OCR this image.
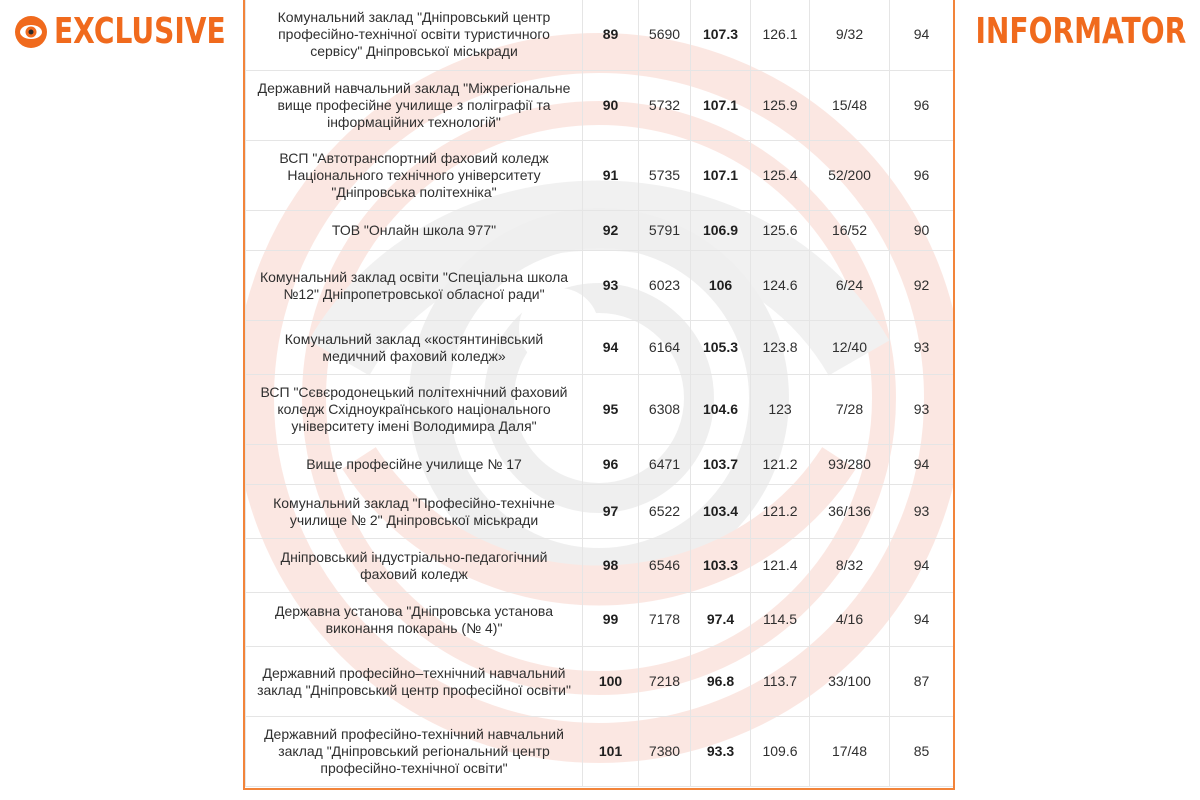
EXCLUSIVE	INFORMATOR
Комунальний заклад "Дніпровський центр професійно-технічної освіти туристичного сервісу" Дніпровської міськради	89	5690	107.3	126.1	9/32	94
Державний навчальний заклад "Міжрегіональне вище професійне училище з поліграфії та інформаційних технологій"	90	5732	107.1	125.9	15/48	96
ВСП "Автотранспортний фаховий коледж Національного технічного університету "Дніпровська політехніка"	91	5735	107.1	125.4	52/200	96
ТОВ "Онлайн школа 977"	92	5791	106.9	125.6	16/52	90
Комунальний заклад освіти "Спеціальна школа №12" Дніпропетровської обласної ради"	93	6023	106	124.6	6/24	92
Комунальний заклад «костянтинівський медичний фаховий коледж»	94	6164	105.3	123.8	12/40	93
ВСП "Сєвєродонецький політехнічний фаховий коледж Східноукраїнського національного університету імені Володимира Даля"	95	6308	104.6	123	7/28	93
Вище професійне училище № 17	96	6471	103.7	121.2	93/280	94
Комунальний заклад "Професійно-технічне училище № 2" Дніпровської міськради	97	6522	103.4	121.2	36/136	93
Дніпровський індустріально-педагогічний фаховий коледж	98	6546	103.3	121.4	8/32	94
Державна установа "Дніпровська установа виконання покарань (№ 4)"	99	7178	97.4	114.5	4/16	94
Державний професійно–технічний навчальний заклад "Дніпровський центр професійної освіти"	100	7218	96.8	113.7	33/100	87
Державний професійно-технічний навчальний заклад "Дніпровський регіональний центр професійно-технічної освіти"	101	7380	93.3	109.6	17/48	85
